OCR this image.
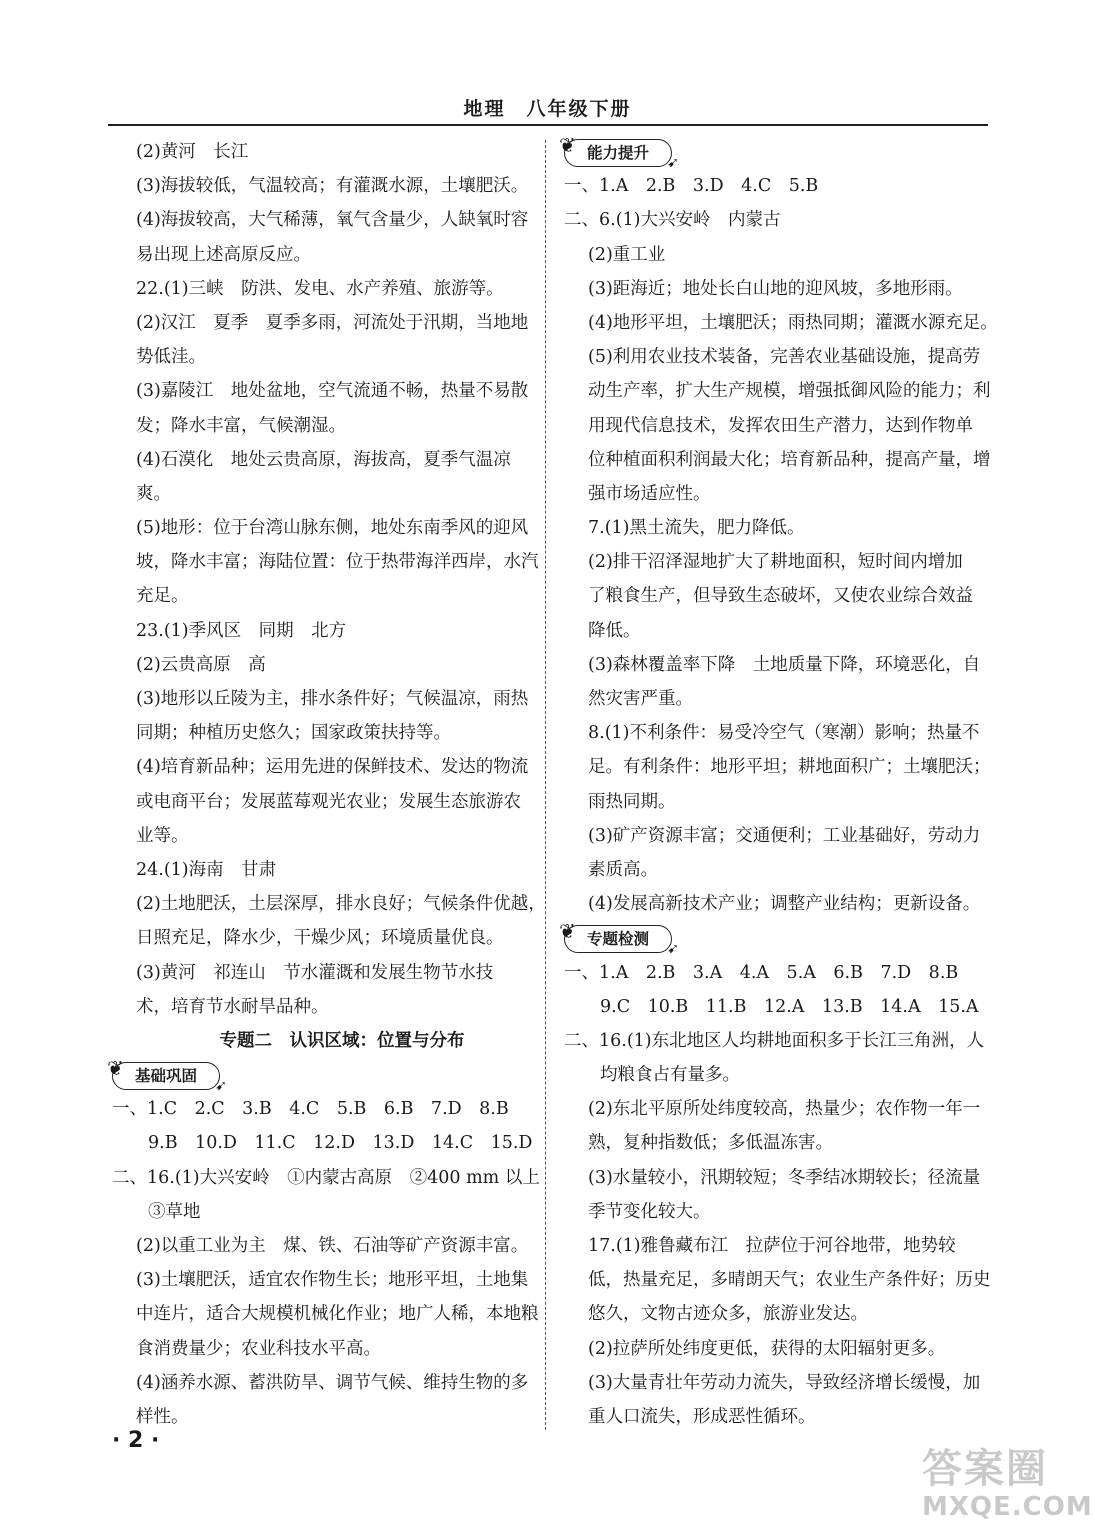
地理　八年级下册
(2)黄河　长江
(3)海拔较低，气温较高；有灌溉水源，土壤肥沃。
(4)海拔较高，大气稀薄，氧气含量少，人缺氧时容
易出现上述高原反应。
22.(1)三峡　防洪、发电、水产养殖、旅游等。
(2)汉江　夏季　夏季多雨，河流处于汛期，当地地
势低洼。
(3)嘉陵江　地处盆地，空气流通不畅，热量不易散
发；降水丰富，气候潮湿。
(4)石漠化　地处云贵高原，海拔高，夏季气温凉
爽。
(5)地形：位于台湾山脉东侧，地处东南季风的迎风
坡，降水丰富；海陆位置：位于热带海洋西岸，水汽
充足。
23.(1)季风区　同期　北方
(2)云贵高原　高
(3)地形以丘陵为主，排水条件好；气候温凉，雨热
同期；种植历史悠久；国家政策扶持等。
(4)培育新品种；运用先进的保鲜技术、发达的物流
或电商平台；发展蓝莓观光农业；发展生态旅游农
业等。
24.(1)海南　甘肃
(2)土地肥沃，土层深厚，排水良好；气候条件优越，
日照充足，降水少，干燥少风；环境质量优良。
(3)黄河　祁连山　节水灌溉和发展生物节水技
术，培育节水耐旱品种。
专题二　认识区域：位置与分布
❦ 基础巩固
➹
一、1.C　2.C　3.B　4.C　5.B　6.B　7.D　8.B
9.B　10.D　11.C　12.D　13.D　14.C　15.D
二、16.(1)大兴安岭　①内蒙古高原　②400 mm 以上
③草地
(2)以重工业为主　煤、铁、石油等矿产资源丰富。
(3)土壤肥沃，适宜农作物生长；地形平坦，土地集
中连片，适合大规模机械化作业；地广人稀，本地粮
食消费量少；农业科技水平高。
(4)涵养水源、蓄洪防旱、调节气候、维持生物的多
样性。
❦ 能力提升
➹
一、1.A　2.B　3.D　4.C　5.B
二、6.(1)大兴安岭　内蒙古
(2)重工业
(3)距海近；地处长白山地的迎风坡，多地形雨。
(4)地形平坦，土壤肥沃；雨热同期；灌溉水源充足。
(5)利用农业技术装备，完善农业基础设施，提高劳
动生产率，扩大生产规模，增强抵御风险的能力；利
用现代信息技术，发挥农田生产潜力，达到作物单
位种植面积利润最大化；培育新品种，提高产量，增
强市场适应性。
7.(1)黑土流失，肥力降低。
(2)排干沼泽湿地扩大了耕地面积，短时间内增加
了粮食生产，但导致生态破坏，又使农业综合效益
降低。
(3)森林覆盖率下降　土地质量下降，环境恶化，自
然灾害严重。
8.(1)不利条件：易受冷空气（寒潮）影响；热量不
足。有利条件：地形平坦；耕地面积广；土壤肥沃；
雨热同期。
(3)矿产资源丰富；交通便利；工业基础好，劳动力
素质高。
(4)发展高新技术产业；调整产业结构；更新设备。
❦ 专题检测
➹
一、1.A　2.B　3.A　4.A　5.A　6.B　7.D　8.B
9.C　10.B　11.B　12.A　13.B　14.A　15.A
二、16.(1)东北地区人均耕地面积多于长江三角洲，人
均粮食占有量多。
(2)东北平原所处纬度较高，热量少；农作物一年一
熟，复种指数低；多低温冻害。
(3)水量较小，汛期较短；冬季结冰期较长；径流量
季节变化较大。
17.(1)雅鲁藏布江　拉萨位于河谷地带，地势较
低，热量充足，多晴朗天气；农业生产条件好；历史
悠久，文物古迹众多，旅游业发达。
(2)拉萨所处纬度更低，获得的太阳辐射更多。
(3)大量青壮年劳动力流失，导致经济增长缓慢，加
重人口流失，形成恶性循环。
· 2 ·
答案圈
MXQE.COM
